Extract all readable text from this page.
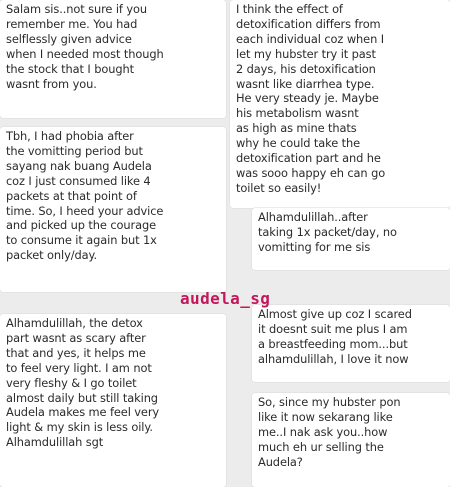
Salam sis..not sure if you
remember me. You had
selflessly given advice
when I needed most though
the stock that I bought
wasnt from you.
Tbh, I had phobia after
the vomitting period but
sayang nak buang Audela
coz I just consumed like 4
packets at that point of
time. So, I heed your advice
and picked up the courage
to consume it again but 1x
packet only/day.
Alhamdulillah, the detox
part wasnt as scary after
that and yes, it helps me
to feel very light. I am not
very fleshy & I go toilet
almost daily but still taking
Audela makes me feel very
light & my skin is less oily.
Alhamdulillah sgt
I think the effect of
detoxification differs from
each individual coz when I
let my hubster try it past
2 days, his detoxification
wasnt like diarrhea type.
He very steady je. Maybe
his metabolism wasnt
as high as mine thats
why he could take the
detoxification part and he
was sooo happy eh can go
toilet so easily!
Alhamdulillah..after
taking 1x packet/day, no
vomitting for me sis
Almost give up coz I scared
it doesnt suit me plus I am
a breastfeeding mom...but
alhamdulillah, I love it now
So, since my hubster pon
like it now sekarang like
me..I nak ask you..how
much eh ur selling the
Audela?
audela_sg
